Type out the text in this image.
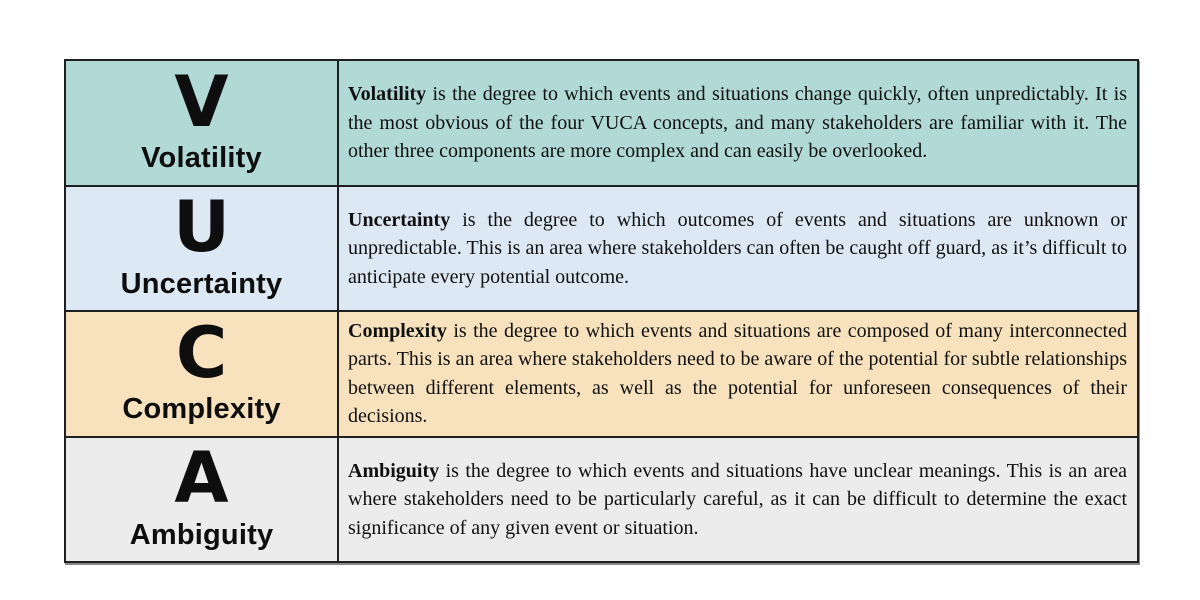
V
Volatility

Volatility is the degree to which events and situations change quickly, often unpredictably. It is the most obvious of the four VUCA concepts, and many stakeholders are familiar with it. The other three components are more complex and can easily be overlooked.

U
Uncertainty

Uncertainty is the degree to which outcomes of events and situations are unknown or unpredictable. This is an area where stakeholders can often be caught off guard, as it’s difficult to anticipate every potential outcome.

C
Complexity

Complexity is the degree to which events and situations are composed of many interconnected parts. This is an area where stakeholders need to be aware of the potential for subtle relationships between different elements, as well as the potential for unforeseen consequences of their decisions.

A
Ambiguity

Ambiguity is the degree to which events and situations have unclear meanings. This is an area where stakeholders need to be particularly careful, as it can be difficult to determine the exact significance of any given event or situation.
